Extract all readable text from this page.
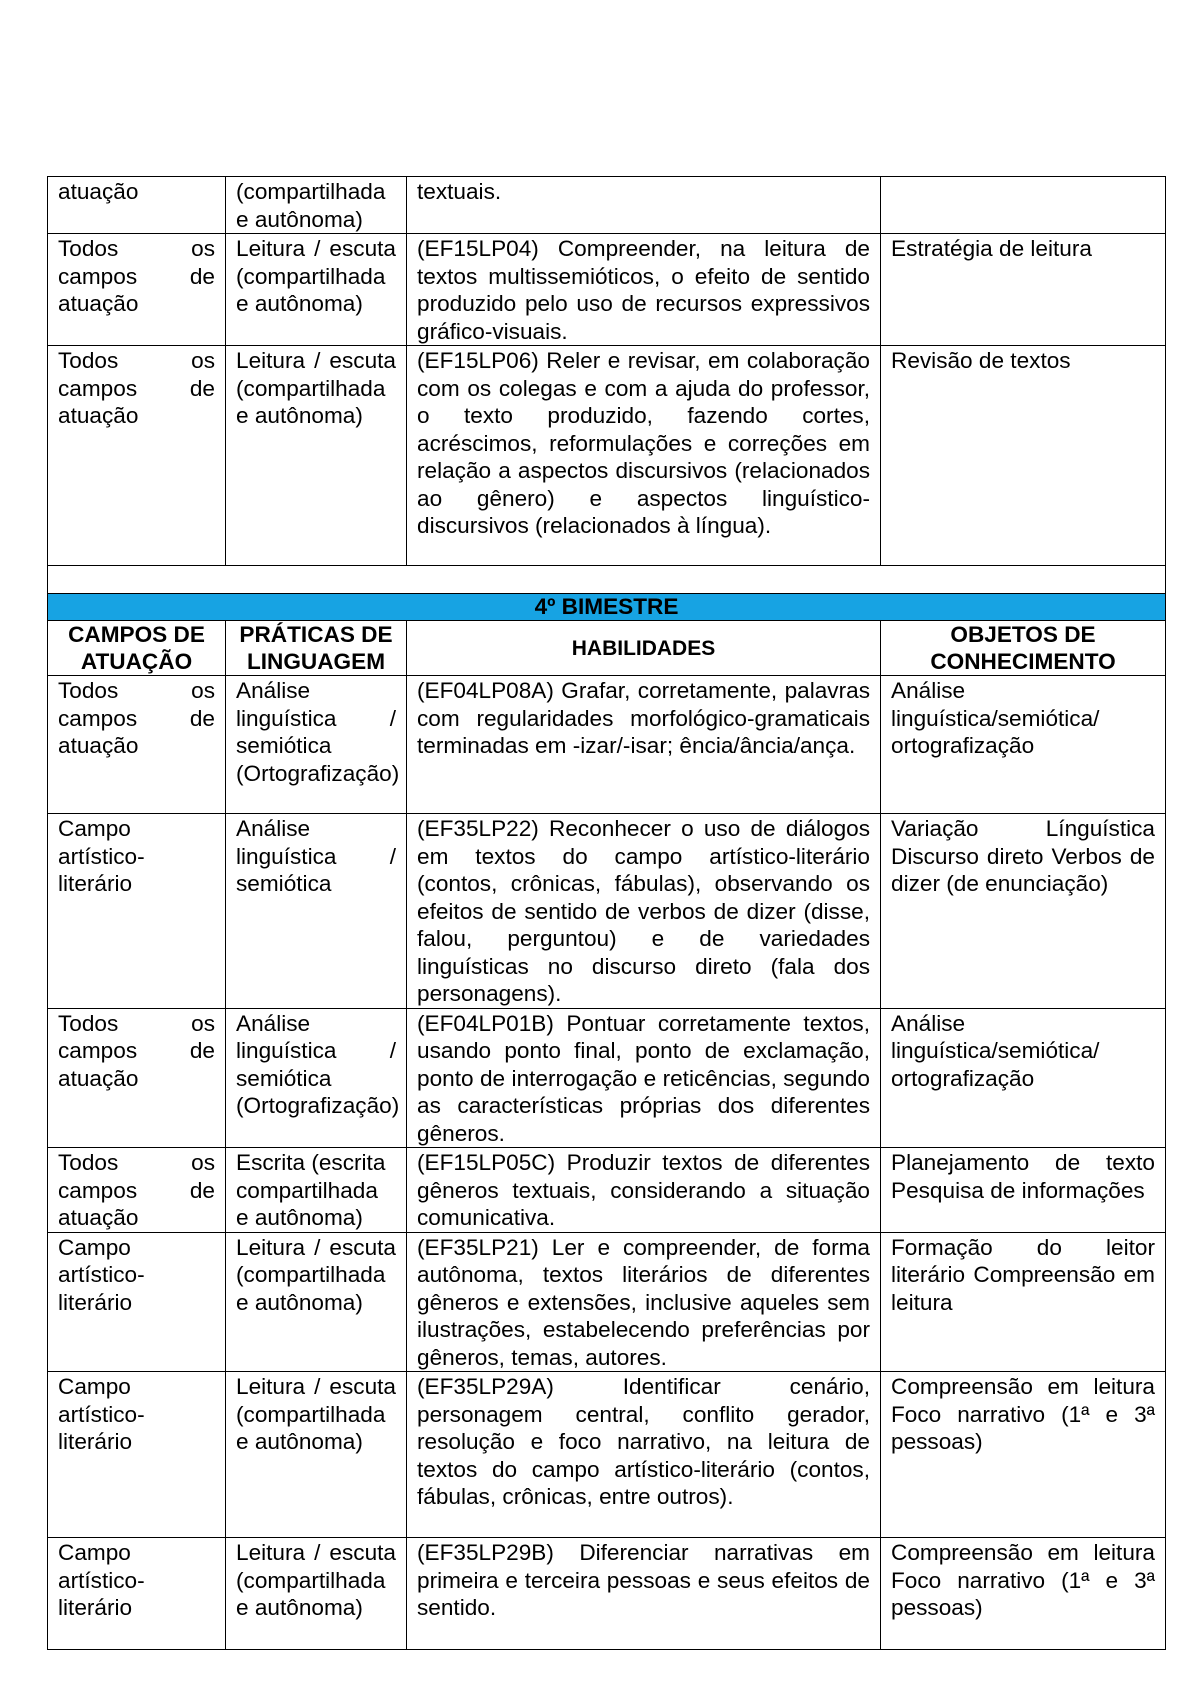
atuação	(compartilhada e autônoma)	textuais.	
Todos os campos de atuação	Leitura / escuta (compartilhada e autônoma)	(EF15LP04) Compreender, na leitura de textos multissemióticos, o efeito de sentido produzido pelo uso de recursos expressivos gráfico-visuais.	Estratégia de leitura
Todos os campos de atuação	Leitura / escuta (compartilhada e autônoma)	(EF15LP06) Reler e revisar, em colaboração com os colegas e com a ajuda do professor, o texto produzido, fazendo cortes, acréscimos, reformulações e correções em relação a aspectos discursivos (relacionados ao gênero) e aspectos linguístico- discursivos (relacionados à língua).	Revisão de textos

4º BIMESTRE			
CAMPOS DE ATUAÇÃO	PRÁTICAS DE LINGUAGEM	HABILIDADES	OBJETOS DE CONHECIMENTO
Todos os campos de atuação	Análise linguística / semiótica (Ortografização)	(EF04LP08A) Grafar, corretamente, palavras com regularidades morfológico-gramaticais terminadas em -izar/-isar; ência/ância/ança.	Análise linguística/semiótica/ ortografização
Campo artístico-literário	Análise linguística / semiótica	(EF35LP22) Reconhecer o uso de diálogos em textos do campo artístico-literário (contos, crônicas, fábulas), observando os efeitos de sentido de verbos de dizer (disse, falou, perguntou) e de variedades linguísticas no discurso direto (fala dos personagens).	Variação Línguística Discurso direto Verbos de dizer (de enunciação)
Todos os campos de atuação	Análise linguística / semiótica (Ortografização)	(EF04LP01B) Pontuar corretamente textos, usando ponto final, ponto de exclamação, ponto de interrogação e reticências, segundo as características próprias dos diferentes gêneros.	Análise linguística/semiótica/ ortografização
Todos os campos de atuação	Escrita (escrita compartilhada e autônoma)	(EF15LP05C) Produzir textos de diferentes gêneros textuais, considerando a situação comunicativa.	Planejamento de texto Pesquisa de informações
Campo artístico-literário	Leitura / escuta (compartilhada e autônoma)	(EF35LP21) Ler e compreender, de forma autônoma, textos literários de diferentes gêneros e extensões, inclusive aqueles sem ilustrações, estabelecendo preferências por gêneros, temas, autores.	Formação do leitor literário Compreensão em leitura
Campo artístico-literário	Leitura / escuta (compartilhada e autônoma)	(EF35LP29A) Identificar cenário, personagem central, conflito gerador, resolução e foco narrativo, na leitura de textos do campo artístico-literário (contos, fábulas, crônicas, entre outros).	Compreensão em leitura Foco narrativo (1ª e 3ª pessoas)
Campo artístico-literário	Leitura / escuta (compartilhada e autônoma)	(EF35LP29B) Diferenciar narrativas em primeira e terceira pessoas e seus efeitos de sentido.	Compreensão em leitura Foco narrativo (1ª e 3ª pessoas)
